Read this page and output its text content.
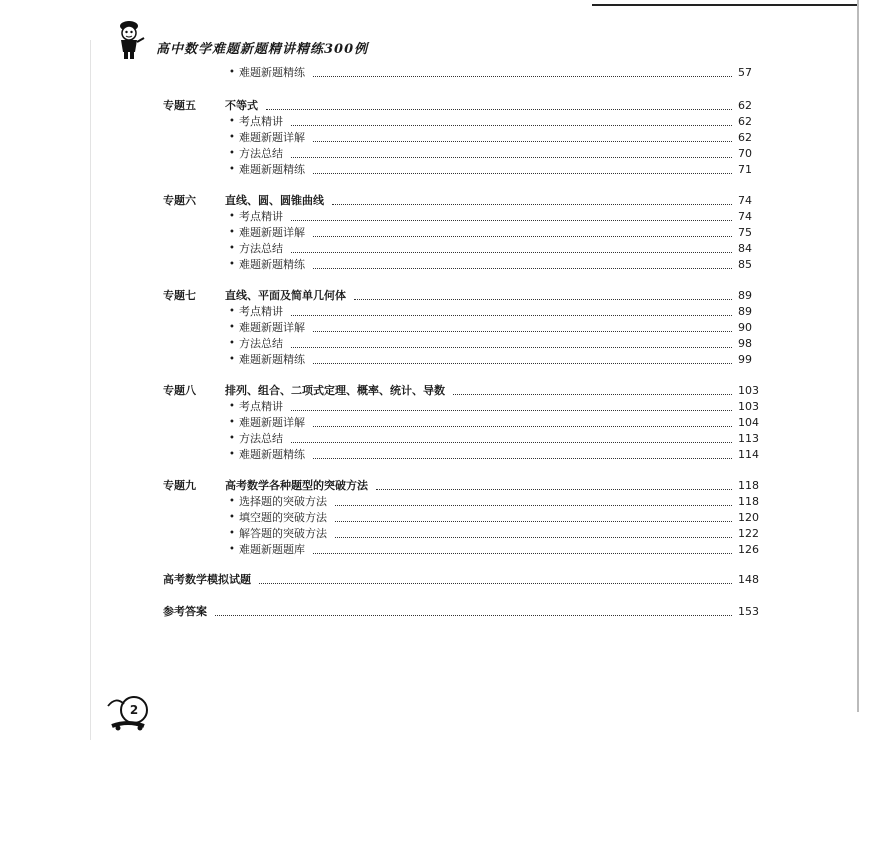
高中数学难题新题精讲精练300例
• 难题新题精练	57
专题五	不等式	62
• 考点精讲	62
• 难题新题详解	62
• 方法总结	70
• 难题新题精练	71
专题六	直线、圆、圆锥曲线	74
• 考点精讲	74
• 难题新题详解	75
• 方法总结	84
• 难题新题精练	85
专题七	直线、平面及简单几何体	89
• 考点精讲	89
• 难题新题详解	90
• 方法总结	98
• 难题新题精练	99
专题八	排列、组合、二项式定理、概率、统计、导数	103
• 考点精讲	103
• 难题新题详解	104
• 方法总结	113
• 难题新题精练	114
专题九	高考数学各种题型的突破方法	118
• 选择题的突破方法	118
• 填空题的突破方法	120
• 解答题的突破方法	122
• 难题新题题库	126
高考数学模拟试题	148
参考答案	153
2
